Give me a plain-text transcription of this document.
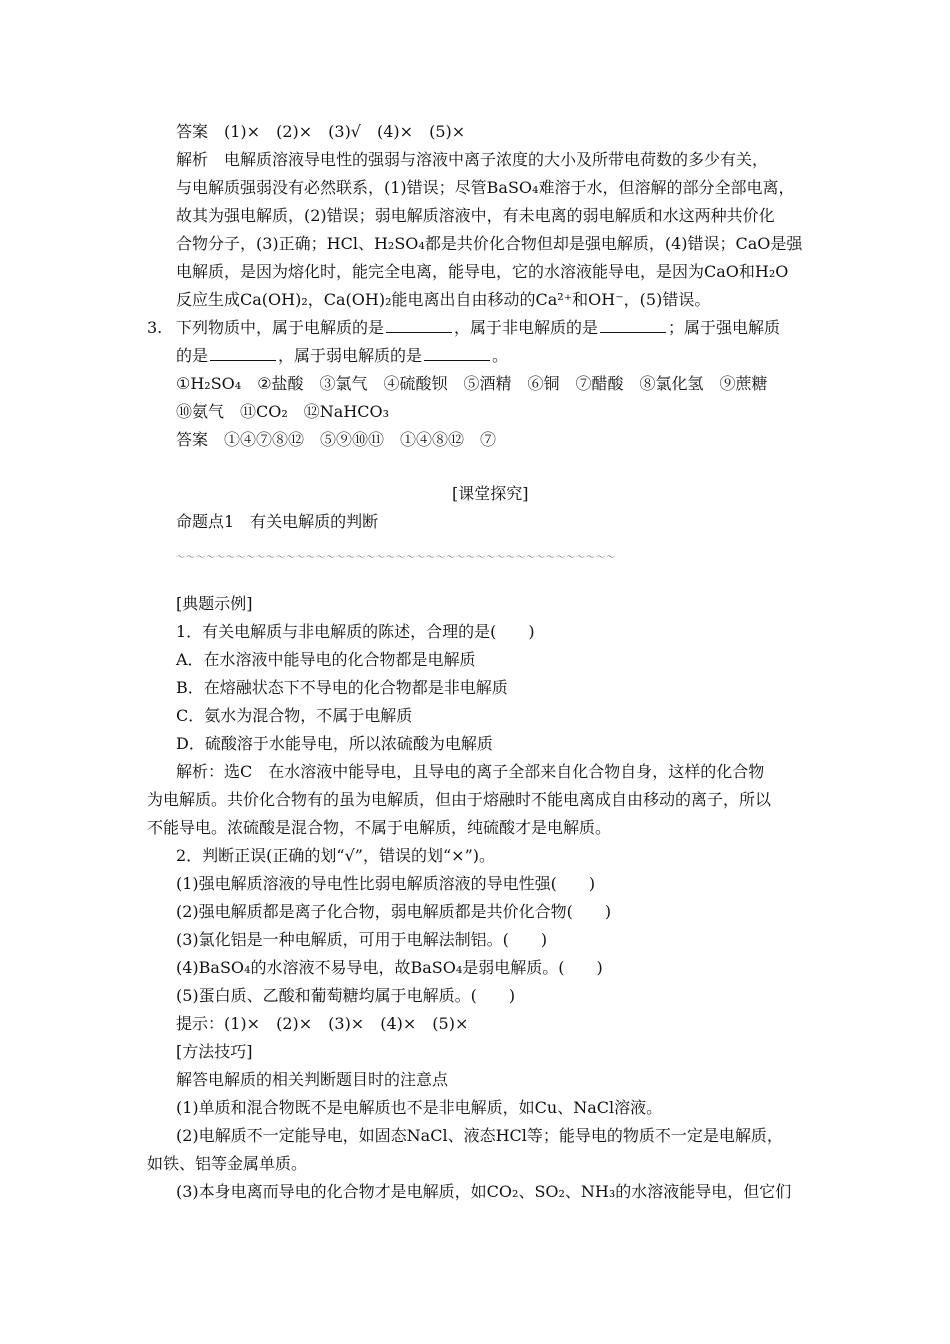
答案　(1)×　(2)×　(3)√　(4)×　(5)×
解析　电解质溶液导电性的强弱与溶液中离子浓度的大小及所带电荷数的多少有关，
与电解质强弱没有必然联系，(1)错误；尽管BaSO₄难溶于水，但溶解的部分全部电离，
故其为强电解质，(2)错误；弱电解质溶液中，有未电离的弱电解质和水这两种共价化
合物分子，(3)正确；HCl、H₂SO₄都是共价化合物但却是强电解质，(4)错误；CaO是强
电解质，是因为熔化时，能完全电离，能导电，它的水溶液能导电，是因为CaO和H₂O
反应生成Ca(OH)₂，Ca(OH)₂能电离出自由移动的Ca²⁺和OH⁻，(5)错误。
3. 下列物质中，属于电解质的是	，属于非电解质的是	；属于强电解质
的是	，属于弱电解质的是	。
①H₂SO₄　②盐酸　③氯气　④硫酸钡　⑤酒精　⑥铜　⑦醋酸　⑧氯化氢　⑨蔗糖
⑩氨气　⑪CO₂　⑫NaHCO₃
答案　①④⑦⑧⑫　⑤⑨⑩⑪　①④⑧⑫　⑦
[课堂探究]
命题点1　有关电解质的判断
～～～～～～～～～～～～～～～～～～～～～～～～～～～～～～～～～～～～～～～～～～～～
[典题示例]
1．有关电解质与非电解质的陈述，合理的是(　　)
A．在水溶液中能导电的化合物都是电解质
B．在熔融状态下不导电的化合物都是非电解质
C．氨水为混合物，不属于电解质
D．硫酸溶于水能导电，所以浓硫酸为电解质
解析：选C　在水溶液中能导电，且导电的离子全部来自化合物自身，这样的化合物
为电解质。共价化合物有的虽为电解质，但由于熔融时不能电离成自由移动的离子，所以
不能导电。浓硫酸是混合物，不属于电解质，纯硫酸才是电解质。
2．判断正误(正确的划“√”，错误的划“×”)。
(1)强电解质溶液的导电性比弱电解质溶液的导电性强(　　)
(2)强电解质都是离子化合物，弱电解质都是共价化合物(　　)
(3)氯化铝是一种电解质，可用于电解法制铝。(　　)
(4)BaSO₄的水溶液不易导电，故BaSO₄是弱电解质。(　　)
(5)蛋白质、乙酸和葡萄糖均属于电解质。(　　)
提示：(1)×　(2)×　(3)×　(4)×　(5)×
[方法技巧]
解答电解质的相关判断题目时的注意点
(1)单质和混合物既不是电解质也不是非电解质，如Cu、NaCl溶液。
(2)电解质不一定能导电，如固态NaCl、液态HCl等；能导电的物质不一定是电解质，
如铁、铝等金属单质。
(3)本身电离而导电的化合物才是电解质，如CO₂、SO₂、NH₃的水溶液能导电，但它们
